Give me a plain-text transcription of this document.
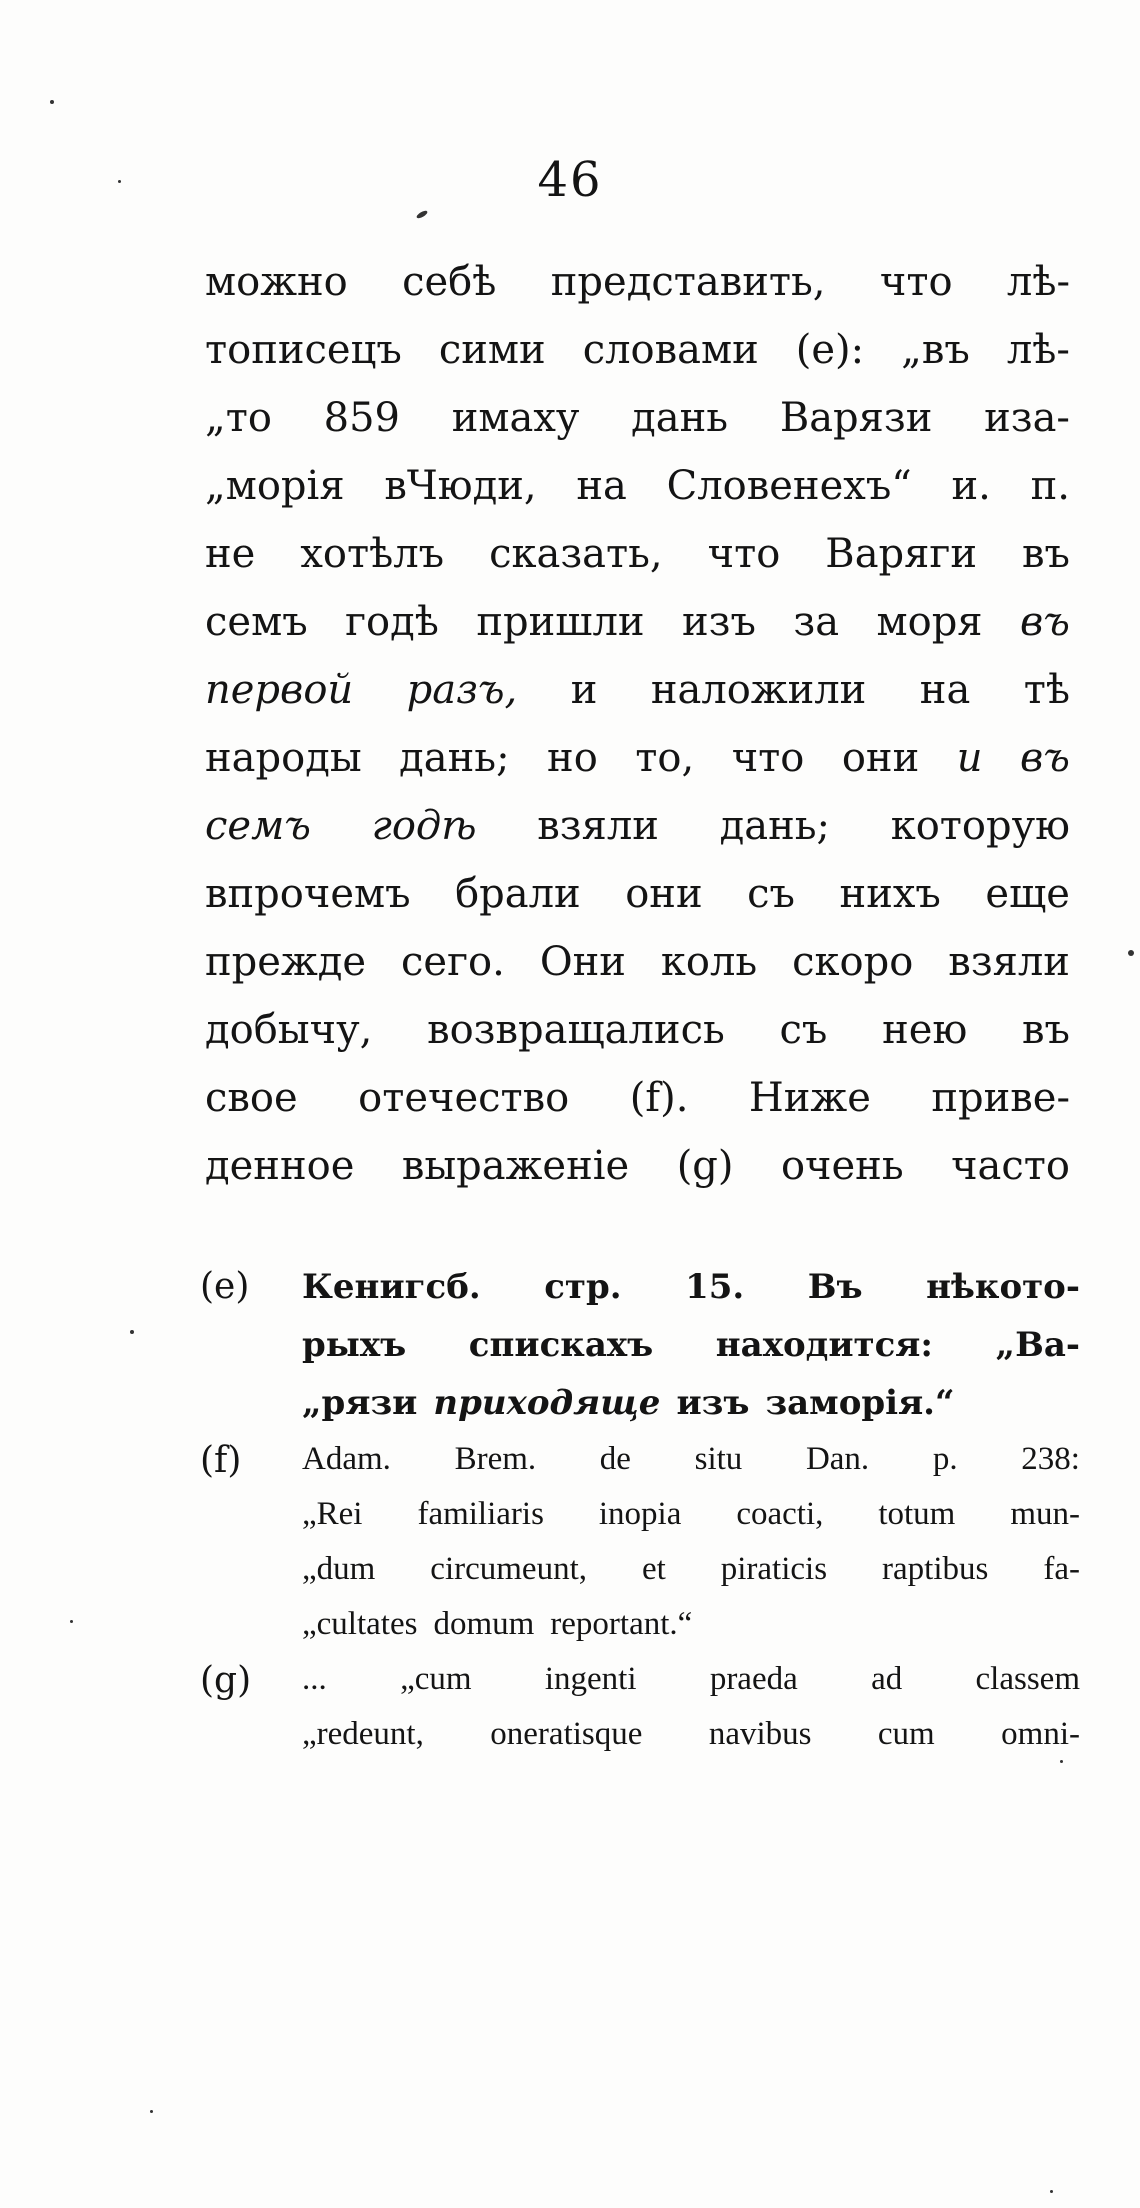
46
можно себѣ представить, что лѣ-
тописецъ сими словами (e): „въ лѣ-
„то 859 имаху дань Варязи иза-
„морія вЧюди, на Словенехъ“ и. п.
не хотѣлъ сказать, что Варяги въ
семъ годѣ пришли изъ за моря въ
первой разъ, и наложили на тѣ
народы дань; но то, что они и въ
семъ годѣ взяли дань; которую
впрочемъ брали они съ нихъ еще
прежде сего. Они коль скоро взяли
добычу, возвращались съ нею въ
свое отечество (f). Ниже приве-
денное выраженіе (g) очень часто
(e) Кенигсб. стр. 15. Въ нѣкото-
рыхъ спискахъ находится: „Ва-
„рязи приходяще изъ заморія.“
(f) Adam. Brem. de situ Dan. p. 238:
„Rei familiaris inopia coacti, totum mun-
„dum circumeunt, et piraticis raptibus fa-
„cultates domum reportant.“
(g) ... „cum ingenti praeda ad classem
„redeunt, oneratisque navibus cum omni-
